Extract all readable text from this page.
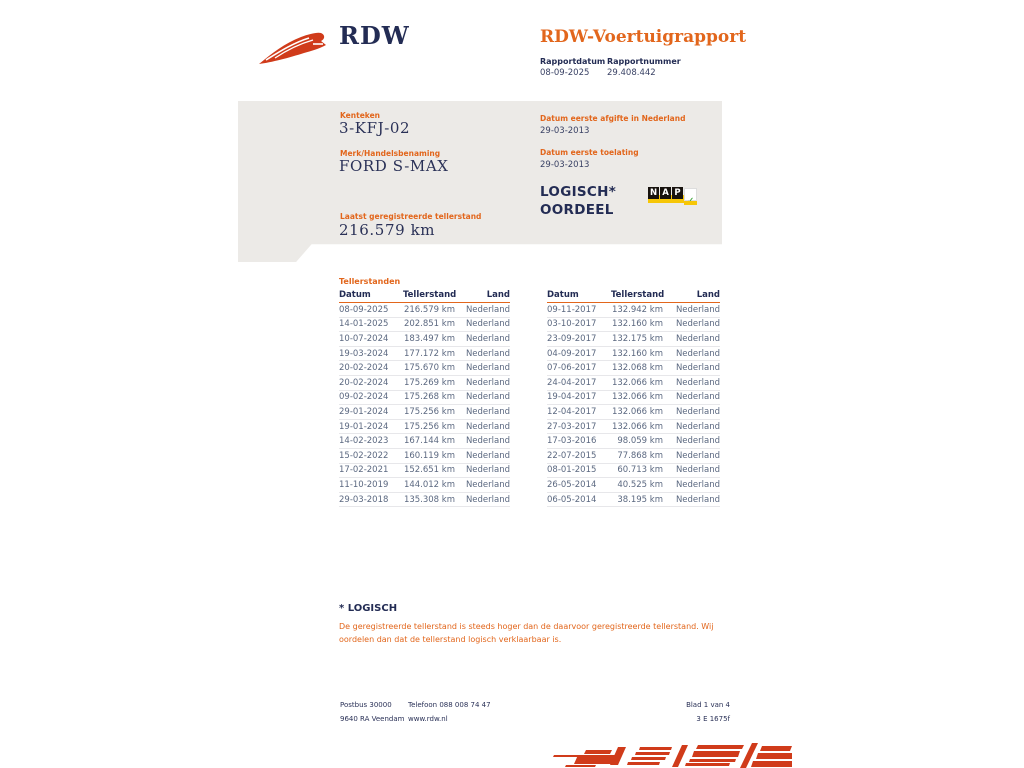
RDW	RDW-Voertuigrapport
Rapportdatum
08-09-2025
Rapportnummer
29.408.442
Kenteken
3-KFJ-02
Merk/Handelsbenaming
FORD S-MAX
Laatst geregistreerde tellerstand
216.579 km
Datum eerste afgifte in Nederland
29-03-2013
Datum eerste toelating
29-03-2013
LOGISCH*
OORDEEL
N A P
Tellerstanden
Datum	Tellerstand	Land
08-09-2025	216.579 km	Nederland
14-01-2025	202.851 km	Nederland
10-07-2024	183.497 km	Nederland
19-03-2024	177.172 km	Nederland
20-02-2024	175.670 km	Nederland
20-02-2024	175.269 km	Nederland
09-02-2024	175.268 km	Nederland
29-01-2024	175.256 km	Nederland
19-01-2024	175.256 km	Nederland
14-02-2023	167.144 km	Nederland
15-02-2022	160.119 km	Nederland
17-02-2021	152.651 km	Nederland
11-10-2019	144.012 km	Nederland
29-03-2018	135.308 km	Nederland
Datum	Tellerstand	Land
09-11-2017	132.942 km	Nederland
03-10-2017	132.160 km	Nederland
23-09-2017	132.175 km	Nederland
04-09-2017	132.160 km	Nederland
07-06-2017	132.068 km	Nederland
24-04-2017	132.066 km	Nederland
19-04-2017	132.066 km	Nederland
12-04-2017	132.066 km	Nederland
27-03-2017	132.066 km	Nederland
17-03-2016	98.059 km	Nederland
22-07-2015	77.868 km	Nederland
08-01-2015	60.713 km	Nederland
26-05-2014	40.525 km	Nederland
06-05-2014	38.195 km	Nederland
* LOGISCH
De geregistreerde tellerstand is steeds hoger dan de daarvoor geregistreerde tellerstand. Wij oordelen dan dat de tellerstand logisch verklaarbaar is.
Postbus 30000
9640 RA Veendam
Telefoon 088 008 74 47
www.rdw.nl
Blad 1 van 4
3 E 1675f
